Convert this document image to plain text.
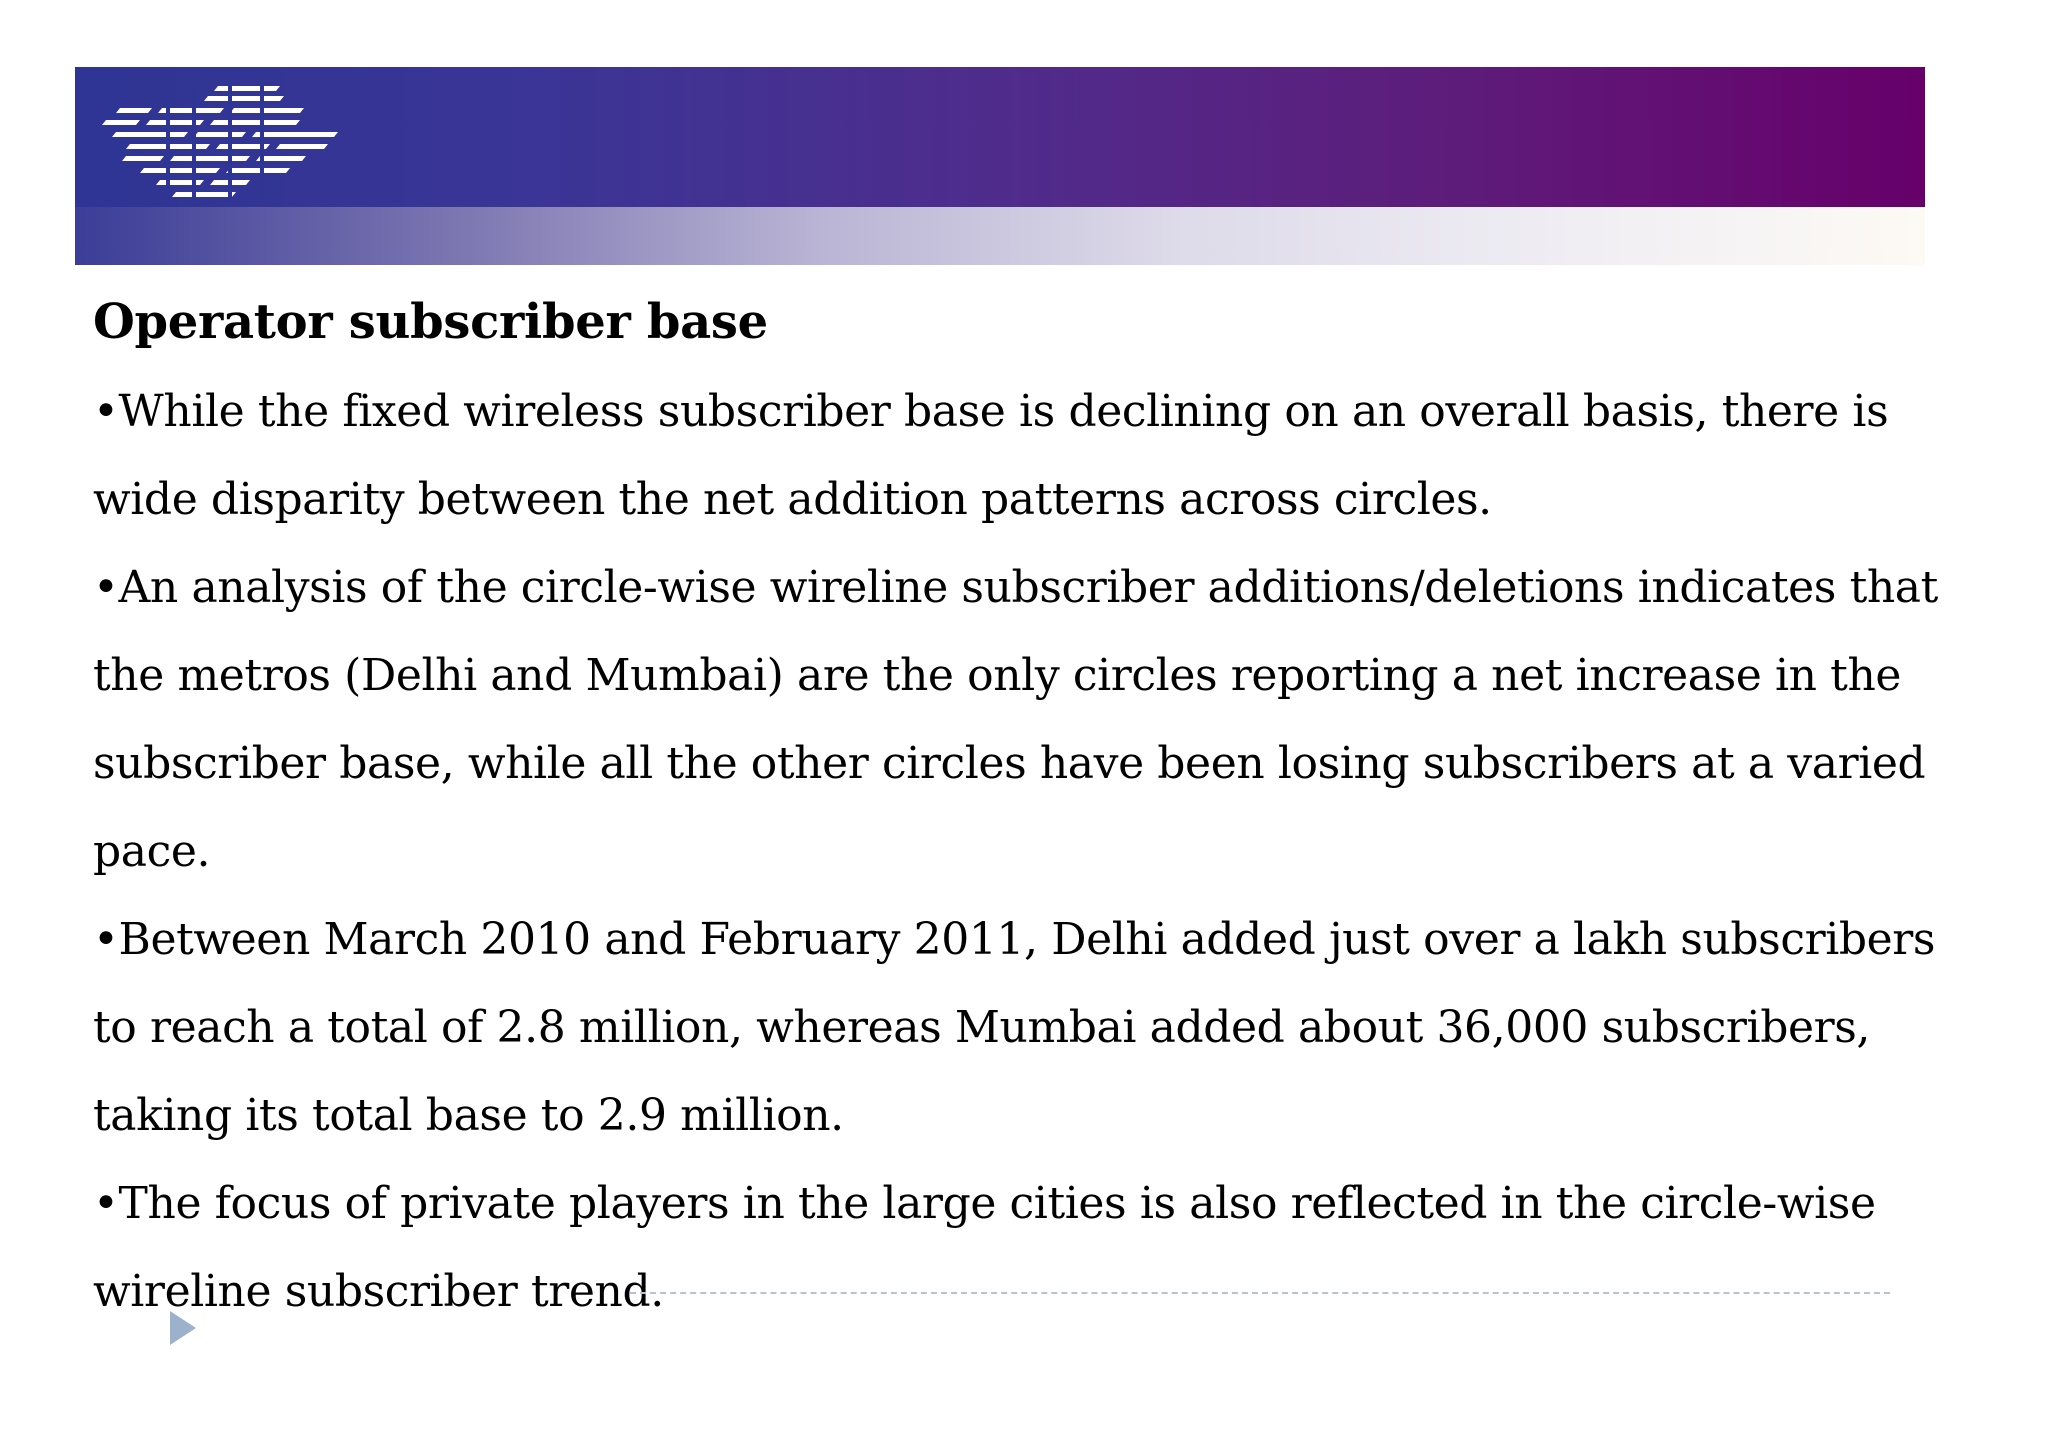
Operator subscriber base

•While the fixed wireless subscriber base is declining on an overall basis, there is wide disparity between the net addition patterns across circles.

•An analysis of the circle-wise wireline subscriber additions/deletions indicates that the metros (Delhi and Mumbai) are the only circles reporting a net increase in the subscriber base, while all the other circles have been losing subscribers at a varied pace.

•Between March 2010 and February 2011, Delhi added just over a lakh subscribers to reach a total of 2.8 million, whereas Mumbai added about 36,000 subscribers, taking its total base to 2.9 million.

•The focus of private players in the large cities is also reflected in the circle-wise wireline subscriber trend.
